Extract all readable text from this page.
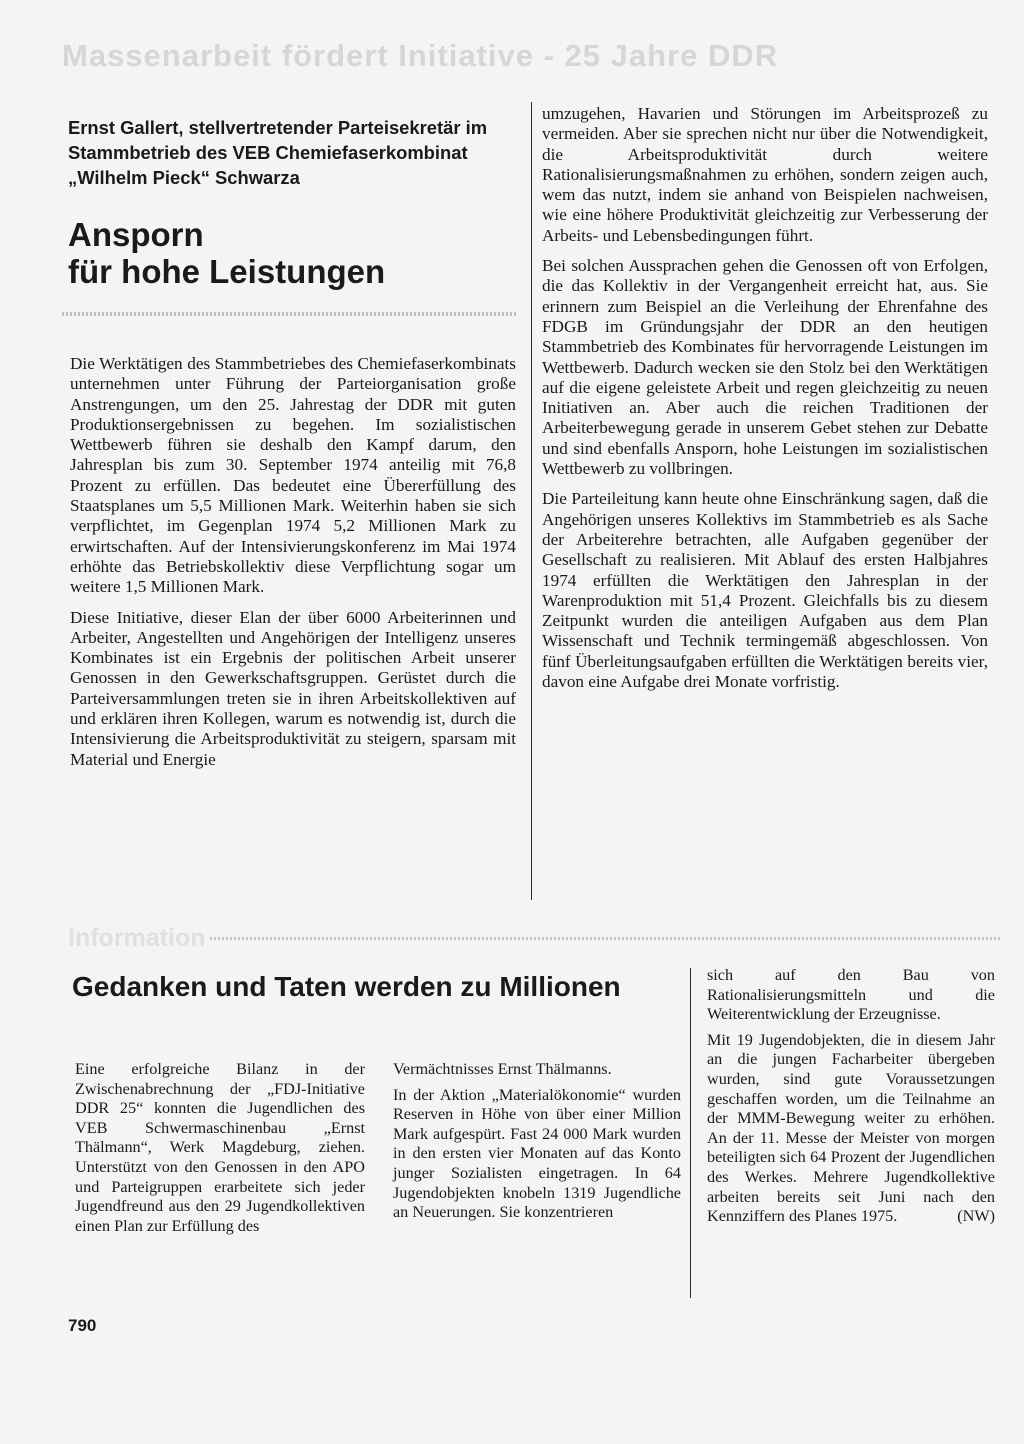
Massenarbeit fördert Initiative - 25 Jahre DDR
Ernst Gallert, stellvertretender Parteisekretär im Stammbetrieb des VEB Chemiefaserkombinat „Wilhelm Pieck“ Schwarza
Ansporn
für hohe Leistungen

Die Werktätigen des Stammbetriebes des Chemiefaserkombinats unternehmen unter Führung der Parteiorganisation große Anstrengungen, um den 25. Jahrestag der DDR mit guten Produktionsergebnissen zu begehen. Im sozialistischen Wettbewerb führen sie deshalb den Kampf darum, den Jahresplan bis zum 30. September 1974 anteilig mit 76,8 Prozent zu erfüllen. Das bedeutet eine Übererfüllung des Staatsplanes um 5,5 Millionen Mark. Weiterhin haben sie sich verpflichtet, im Gegenplan 1974 5,2 Millionen Mark zu erwirtschaften. Auf der Intensivierungskonferenz im Mai 1974 erhöhte das Betriebskollektiv diese Verpflichtung sogar um weitere 1,5 Millionen Mark.

Diese Initiative, dieser Elan der über 6000 Arbeiterinnen und Arbeiter, Angestellten und Angehörigen der Intelligenz unseres Kombinates ist ein Ergebnis der politischen Arbeit unserer Genossen in den Gewerkschaftsgruppen. Gerüstet durch die Parteiversammlungen treten sie in ihren Arbeitskollektiven auf und erklären ihren Kollegen, warum es notwendig ist, durch die Intensivierung die Arbeitsproduktivität zu steigern, sparsam mit Material und Energie

umzugehen, Havarien und Störungen im Arbeitsprozeß zu vermeiden. Aber sie sprechen nicht nur über die Notwendigkeit, die Arbeitsproduktivität durch weitere Rationalisierungsmaßnahmen zu erhöhen, sondern zeigen auch, wem das nutzt, indem sie anhand von Beispielen nachweisen, wie eine höhere Produktivität gleichzeitig zur Verbesserung der Arbeits- und Lebensbedingungen führt.

Bei solchen Aussprachen gehen die Genossen oft von Erfolgen, die das Kollektiv in der Vergangenheit erreicht hat, aus. Sie erinnern zum Beispiel an die Verleihung der Ehrenfahne des FDGB im Gründungsjahr der DDR an den heutigen Stammbetrieb des Kombinates für hervorragende Leistungen im Wettbewerb. Dadurch wecken sie den Stolz bei den Werktätigen auf die eigene geleistete Arbeit und regen gleichzeitig zu neuen Initiativen an. Aber auch die reichen Traditionen der Arbeiterbewegung gerade in unserem Gebet stehen zur Debatte und sind ebenfalls Ansporn, hohe Leistungen im sozialistischen Wettbewerb zu vollbringen.

Die Parteileitung kann heute ohne Einschränkung sagen, daß die Angehörigen unseres Kollektivs im Stammbetrieb es als Sache der Arbeiterehre betrachten, alle Aufgaben gegenüber der Gesellschaft zu realisieren. Mit Ablauf des ersten Halbjahres 1974 erfüllten die Werktätigen den Jahresplan in der Warenproduktion mit 51,4 Prozent. Gleichfalls bis zu diesem Zeitpunkt wurden die anteiligen Aufgaben aus dem Plan Wissenschaft und Technik termingemäß abgeschlossen. Von fünf Überleitungsaufgaben erfüllten die Werktätigen bereits vier, davon eine Aufgabe drei Monate vorfristig.

Information
Gedanken und Taten werden zu Millionen

Eine erfolgreiche Bilanz in der Zwischenabrechnung der „FDJ-Initiative DDR 25“ konnten die Jugendlichen des VEB Schwermaschinenbau „Ernst Thälmann“, Werk Magdeburg, ziehen. Unterstützt von den Genossen in den APO und Parteigruppen erarbeitete sich jeder Jugendfreund aus den 29 Jugendkollektiven einen Plan zur Erfüllung des

Vermächtnisses Ernst Thälmanns.

In der Aktion „Materialökonomie“ wurden Reserven in Höhe von über einer Million Mark aufgespürt. Fast 24 000 Mark wurden in den ersten vier Monaten auf das Konto junger Sozialisten eingetragen. In 64 Jugendobjekten knobeln 1319 Jugendliche an Neuerungen. Sie konzentrieren

sich auf den Bau von Rationalisierungsmitteln und die Weiterentwicklung der Erzeugnisse.

Mit 19 Jugendobjekten, die in diesem Jahr an die jungen Facharbeiter übergeben wurden, sind gute Voraussetzungen geschaffen worden, um die Teilnahme an der MMM-Bewegung weiter zu erhöhen. An der 11. Messe der Meister von morgen beteiligten sich 64 Prozent der Jugendlichen des Werkes. Mehrere Jugendkollektive arbeiten bereits seit Juni nach den Kennziffern des Planes 1975.	(NW)

790
